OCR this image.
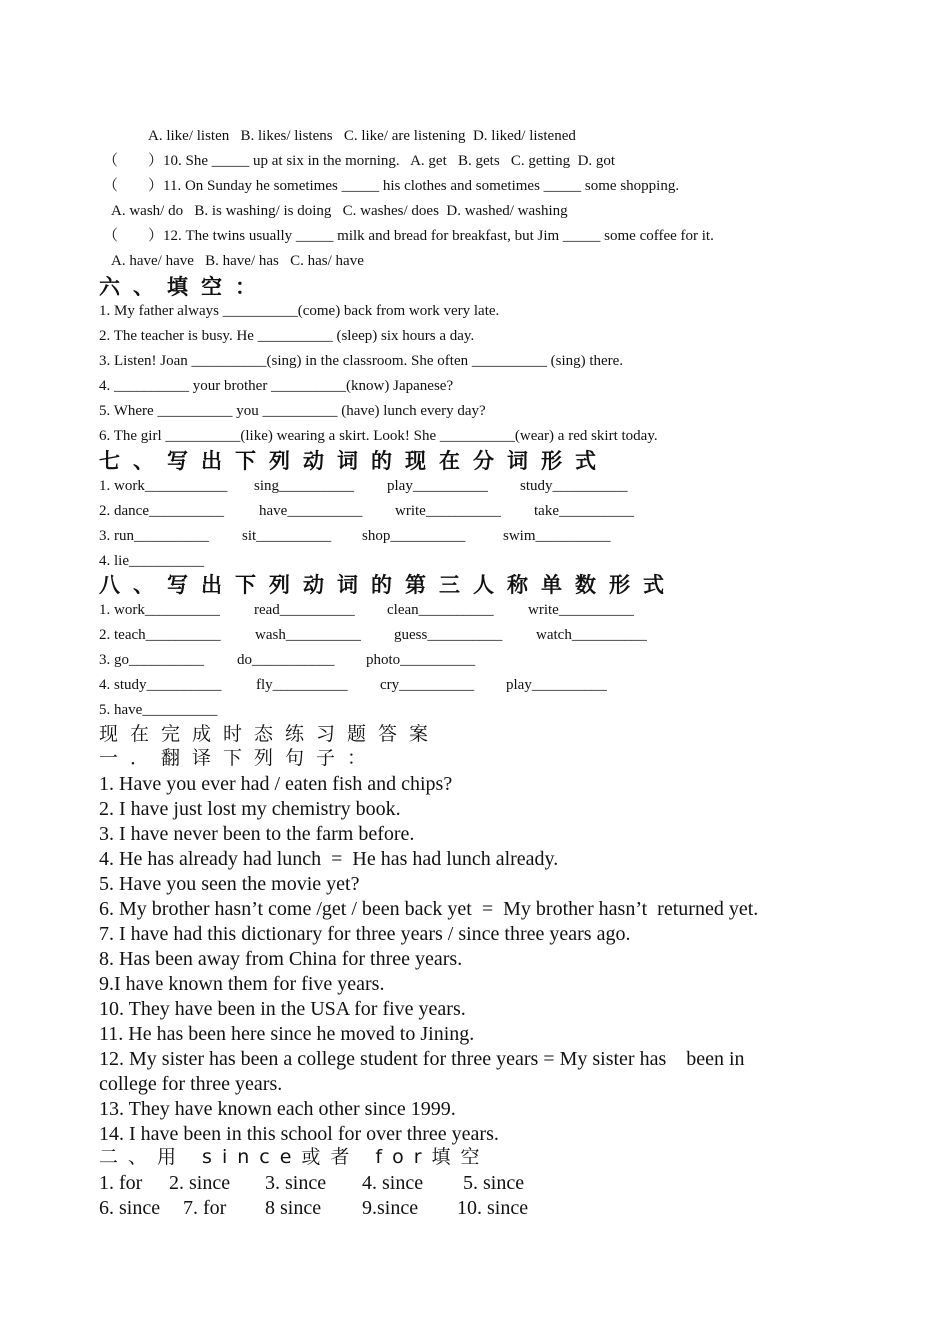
A. like/ listen   B. likes/ listens   C. like/ are listening  D. liked/ listened
（        ）10. She _____ up at six in the morning.   A. get   B. gets   C. getting  D. got
（        ）11. On Sunday he sometimes _____ his clothes and sometimes _____ some shopping.
A. wash/ do   B. is washing/ is doing   C. washes/ does  D. washed/ washing
（        ）12. The twins usually _____ milk and bread for breakfast, but Jim _____ some coffee for it.
A. have/ have   B. have/ has   C. has/ have
六、填空：
1. My father always __________(come) back from work very late.
2. The teacher is busy. He __________ (sleep) six hours a day.
3. Listen! Joan __________(sing) in the classroom. She often __________ (sing) there.
4. __________ your brother __________(know) Japanese?
5. Where __________ you __________ (have) lunch every day?
6. The girl __________(like) wearing a skirt. Look! She __________(wear) a red skirt today.
七、写出下列动词的现在分词形式

1. work___________

sing__________

play__________

study__________

2. dance__________

have__________

write__________

take__________

3. run__________

sit__________

shop__________

	swim__________

4. lie__________

八、写出下列动词的第三人称单数形式

1. work__________

read__________

clean__________

write__________

2. teach__________

wash__________

guess__________

watch__________

3. go__________

do___________

photo__________

4. study__________

fly__________

cry__________

play__________

5. have__________

现在完成时态练习题答案
一．翻译下列句子：
1. Have you ever had / eaten fish and chips?
2. I have just lost my chemistry book.
3. I have never been to the farm before.
4. He has already had lunch  =  He has had lunch already.
5. Have you seen the movie yet?
6. My brother hasn’t come /get / been back yet  =  My brother hasn’t  returned yet.
7. I have had this dictionary for three years / since three years ago.
8. Has been away from China for three years.
9.I have known them for five years.
10. They have been in the USA for five years.
11. He has been here since he moved to Jining.
12. My sister has been a college student for three years = My sister has    been in
college for three years.
13. They have known each other since 1999.
14. I have been in this school for over three years.
二、用 since或者 for填空

1. for

2. since

3. since

4. since

5. since

6. since

7. for

8 since

9.since

10. since
